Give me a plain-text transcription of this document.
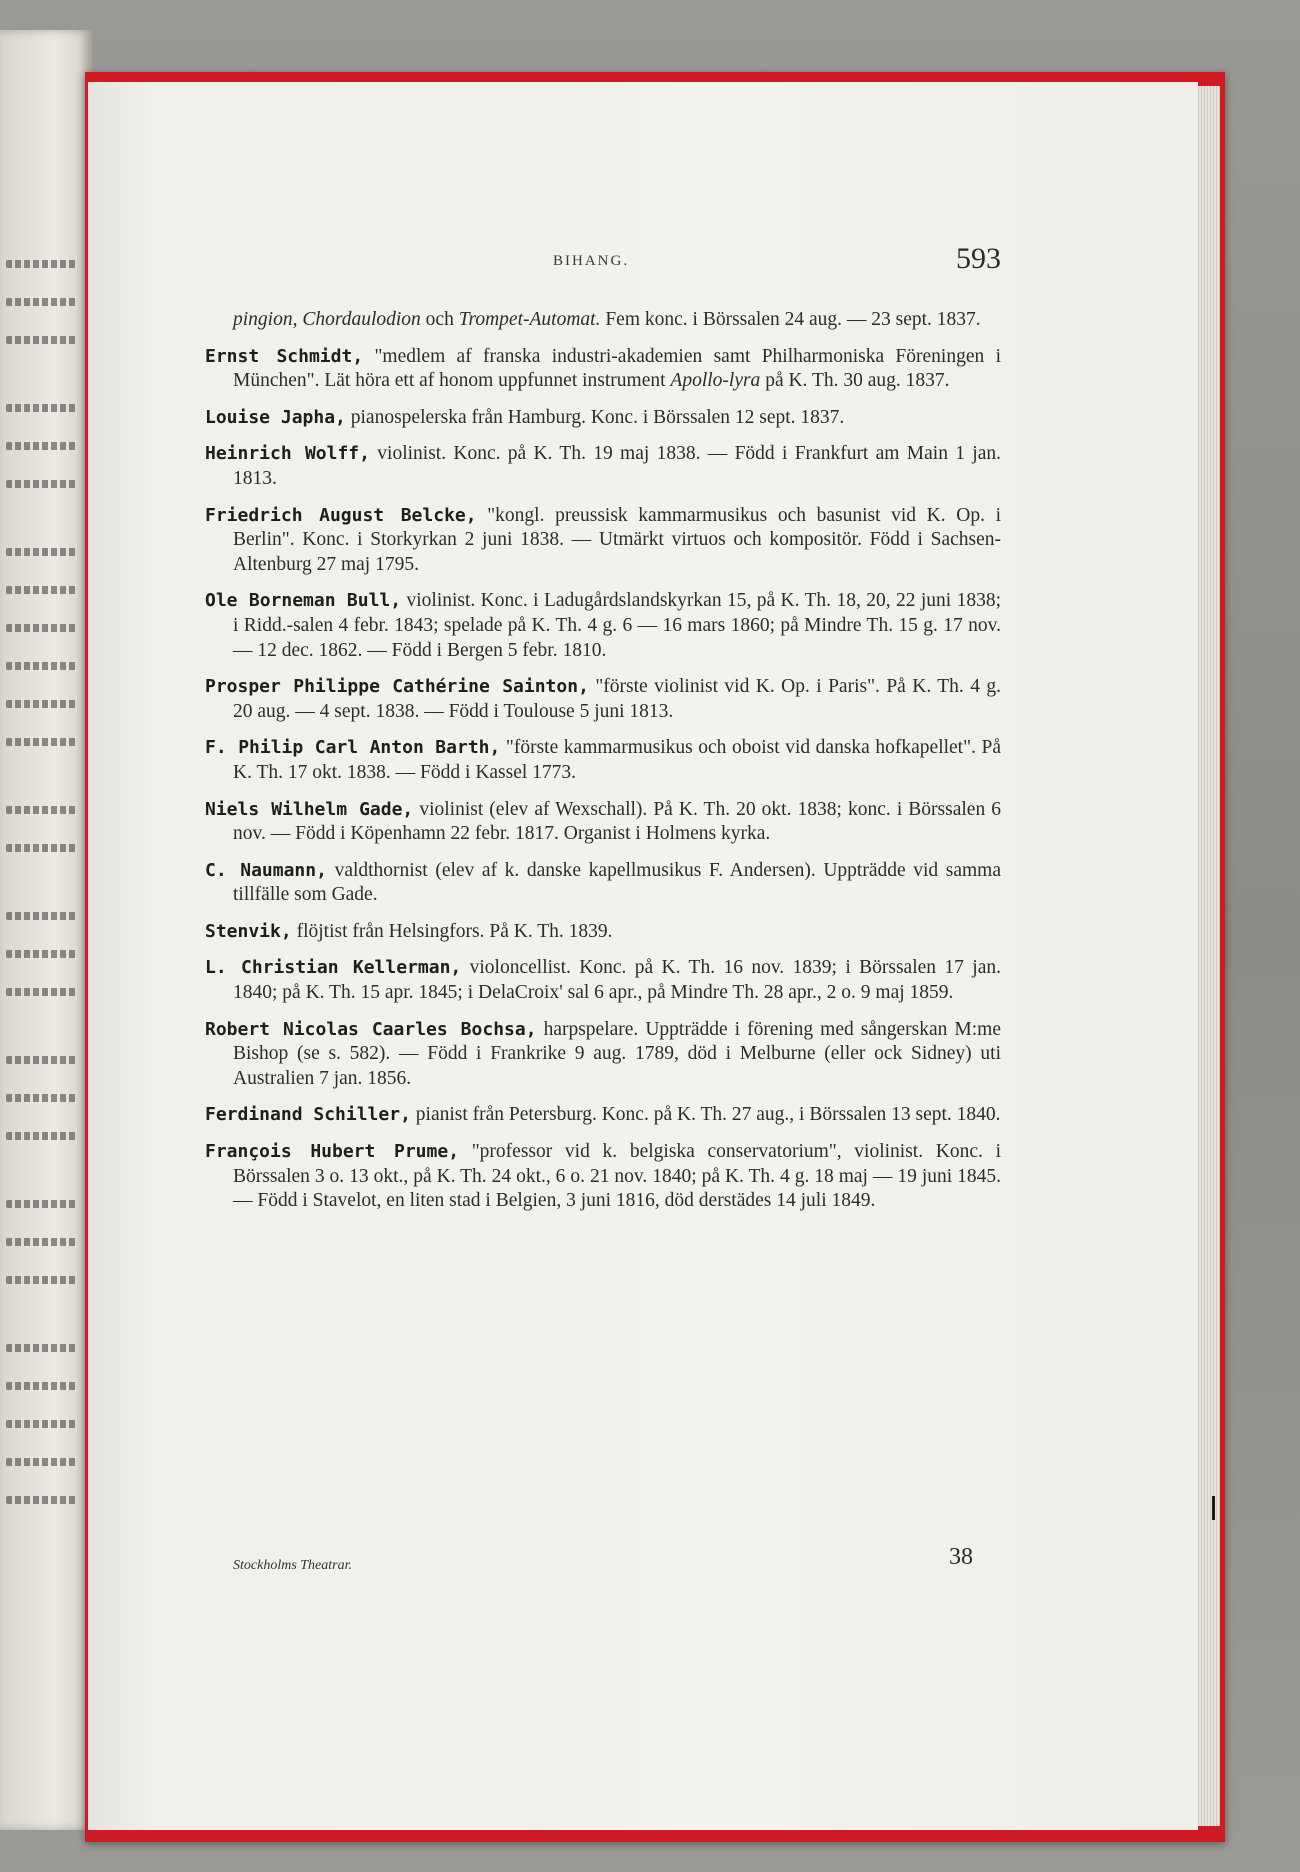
BIHANG.	593

pingion, Chordaulodion och Trompet-Automat. Fem konc. i Börssalen 24 aug. — 23 sept. 1837.

Ernst Schmidt, "medlem af franska industri-akademien samt Philharmoniska Föreningen i München". Lät höra ett af honom uppfunnet instrument Apollo-lyra på K. Th. 30 aug. 1837.

Louise Japha, pianospelerska från Hamburg. Konc. i Börssalen 12 sept. 1837.

Heinrich Wolff, violinist. Konc. på K. Th. 19 maj 1838. — Född i Frankfurt am Main 1 jan. 1813.

Friedrich August Belcke, "kongl. preussisk kammarmusikus och basunist vid K. Op. i Berlin". Konc. i Storkyrkan 2 juni 1838. — Utmärkt virtuos och kompositör. Född i Sachsen-Altenburg 27 maj 1795.

Ole Borneman Bull, violinist. Konc. i Ladugårdslandskyrkan 15, på K. Th. 18, 20, 22 juni 1838; i Ridd.-salen 4 febr. 1843; spelade på K. Th. 4 g. 6 — 16 mars 1860; på Mindre Th. 15 g. 17 nov. — 12 dec. 1862. — Född i Bergen 5 febr. 1810.

Prosper Philippe Cathérine Sainton, "förste violinist vid K. Op. i Paris". På K. Th. 4 g. 20 aug. — 4 sept. 1838. — Född i Toulouse 5 juni 1813.

F. Philip Carl Anton Barth, "förste kammarmusikus och oboist vid danska hofkapellet". På K. Th. 17 okt. 1838. — Född i Kassel 1773.

Niels Wilhelm Gade, violinist (elev af Wexschall). På K. Th. 20 okt. 1838; konc. i Börssalen 6 nov. — Född i Köpenhamn 22 febr. 1817. Organist i Holmens kyrka.

C. Naumann, valdthornist (elev af k. danske kapellmusikus F. Andersen). Uppträdde vid samma tillfälle som Gade.

Stenvik, flöjtist från Helsingfors. På K. Th. 1839.

L. Christian Kellerman, violoncellist. Konc. på K. Th. 16 nov. 1839; i Börssalen 17 jan. 1840; på K. Th. 15 apr. 1845; i DelaCroix' sal 6 apr., på Mindre Th. 28 apr., 2 o. 9 maj 1859.

Robert Nicolas Caarles Bochsa, harpspelare. Uppträdde i förening med sångerskan M:me Bishop (se s. 582). — Född i Frankrike 9 aug. 1789, död i Melburne (eller ock Sidney) uti Australien 7 jan. 1856.

Ferdinand Schiller, pianist från Petersburg. Konc. på K. Th. 27 aug., i Börssalen 13 sept. 1840.

François Hubert Prume, "professor vid k. belgiska conservatorium", violinist. Konc. i Börssalen 3 o. 13 okt., på K. Th. 24 okt., 6 o. 21 nov. 1840; på K. Th. 4 g. 18 maj — 19 juni 1845. — Född i Stavelot, en liten stad i Belgien, 3 juni 1816, död derstädes 14 juli 1849.

Stockholms Theatrar.	38
